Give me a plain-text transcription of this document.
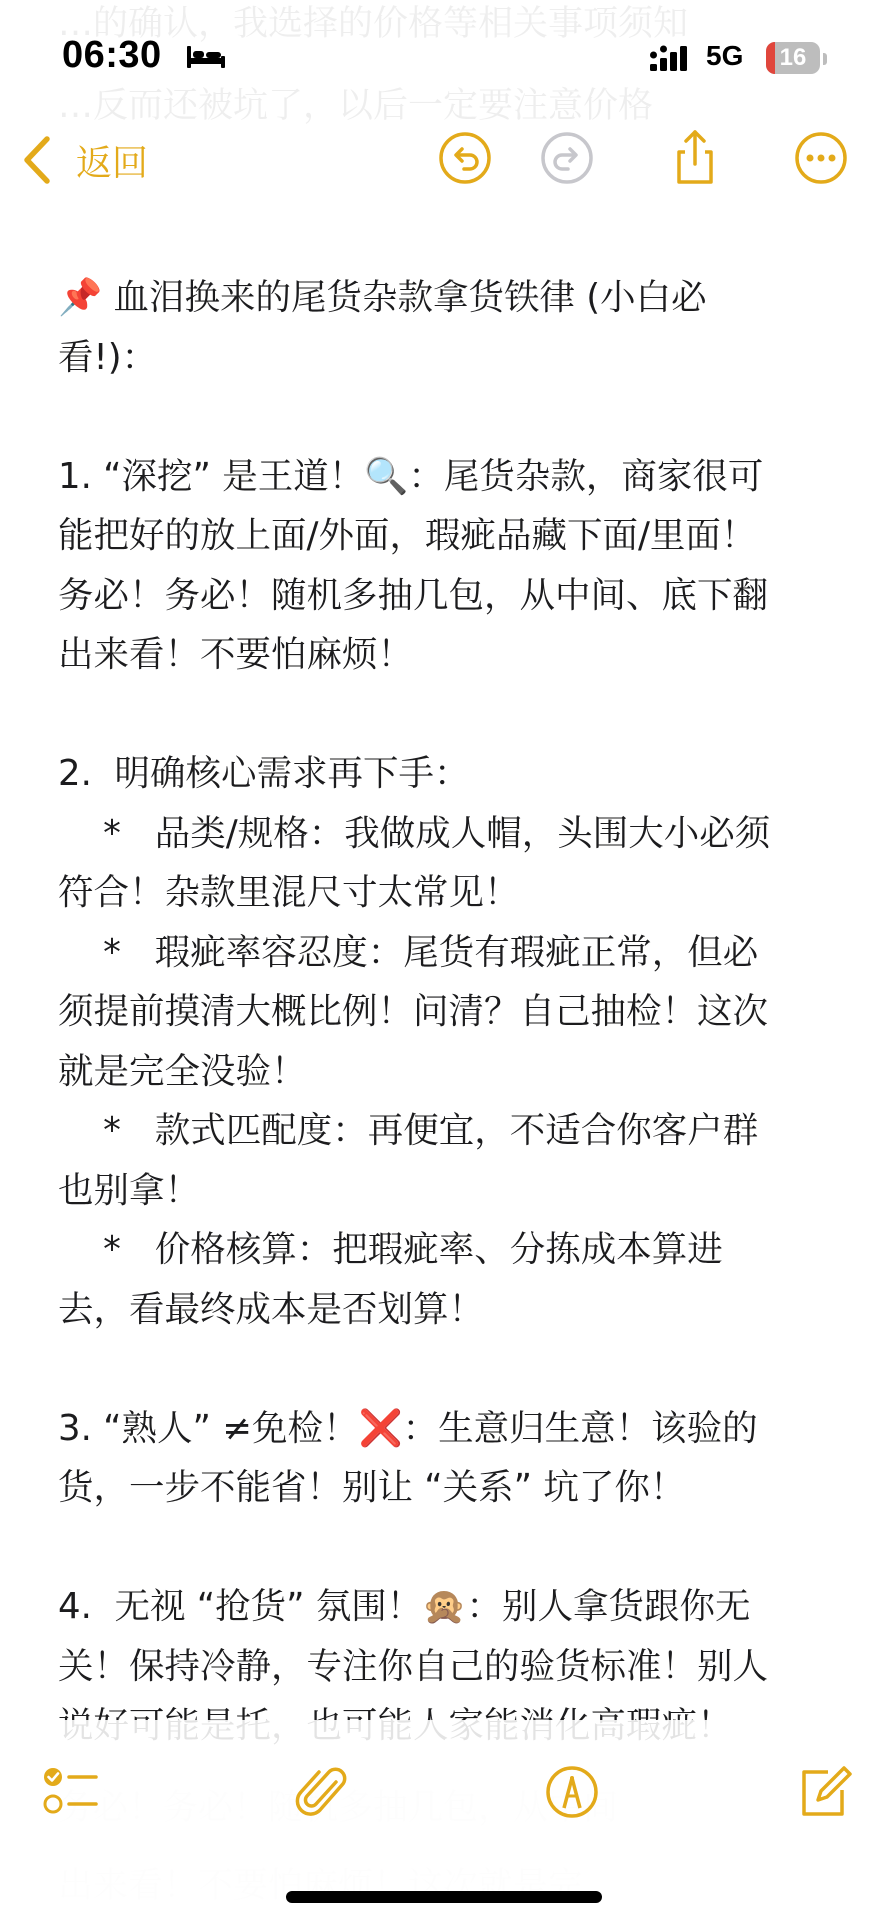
…的确认，我选择的价格等相关事项须知
…反而还被坑了，以后一定要注意价格
06:30	5G	16
返回
📌 血泪换来的尾货杂款拿货铁律 (小白必
看!)：
1. “深挖” 是王道！🔍：尾货杂款，商家很可
能把好的放上面/外面，瑕疵品藏下面/里面！
务必！务必！随机多抽几包，从中间、底下翻
出来看！不要怕麻烦！
2.  明确核心需求再下手：
*   品类/规格：我做成人帽，头围大小必须
符合！杂款里混尺寸太常见！
*   瑕疵率容忍度：尾货有瑕疵正常，但必
须提前摸清大概比例！问清？自己抽检！这次
就是完全没验！
*   款式匹配度：再便宜，不适合你客户群
也别拿！
*   价格核算：把瑕疵率、分拣成本算进
去，看最终成本是否划算！
3. “熟人” ≠免检！❌：生意归生意！该验的
货，一步不能省！别让 “关系” 坑了你！
4.  无视 “抢货” 氛围！🙊：别人拿货跟你无
关！保持冷静，专注你自己的验货标准！别人
